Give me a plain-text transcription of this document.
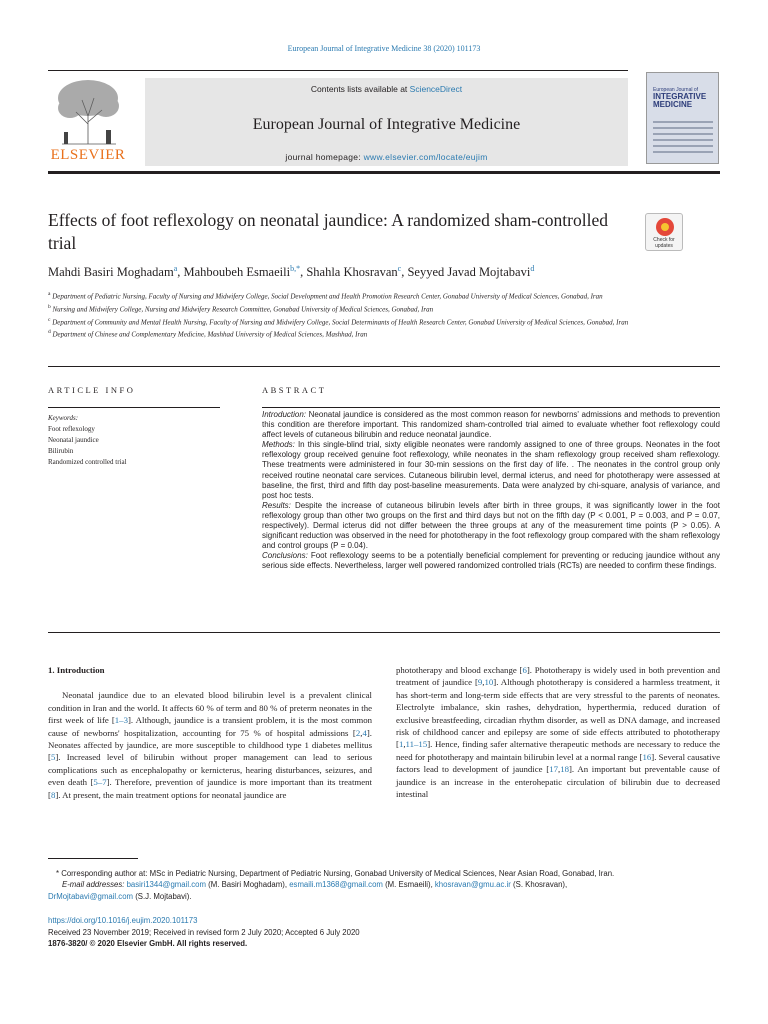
European Journal of Integrative Medicine 38 (2020) 101173
ELSEVIER
Contents lists available at ScienceDirect
European Journal of Integrative Medicine
journal homepage: www.elsevier.com/locate/eujim
European Journal of
INTEGRATIVE
MEDICINE
Effects of foot reflexology on neonatal jaundice: A randomized sham-controlled trial	Check for updates
Mahdi Basiri Moghadam$^a$, Mahboubeh Esmaeili$^{b,*}$, Shahla Khosravan$^c$, Seyyed Javad Mojtabavi$^d$
$^a$ Department of Pediatric Nursing, Faculty of Nursing and Midwifery College, Social Development and Health Promotion Research Center, Gonabad University of Medical Sciences, Gonabad, Iran
$^b$ Nursing and Midwifery College, Nursing and Midwifery Research Committee, Gonabad University of Medical Sciences, Gonabad, Iran
$^c$ Department of Community and Mental Health Nursing, Faculty of Nursing and Midwifery College, Social Determinants of Health Research Center, Gonabad University of Medical Sciences, Gonabad, Iran
$^d$ Department of Chinese and Complementary Medicine, Mashhad University of Medical Sciences, Mashhad, Iran
ARTICLE INFO	ABSTRACT
Keywords:
Foot reflexology
Neonatal jaundice
Bilirubin
Randomized controlled trial
Introduction: Neonatal jaundice is considered as the most common reason for newborns' admissions and methods to prevention this condition are therefore important. This randomized sham-controlled trial aimed to evaluate whether foot reflexology could affect levels of cutaneous bilirubin and reduce neonatal jaundice.
Methods: In this single-blind trial, sixty eligible neonates were randomly assigned to one of three groups. Neonates in the foot reflexology group received genuine foot reflexology, while neonates in the sham reflexology group received sham reflexology. These treatments were administered in four 30-min sessions on the first day of life. . The neonates in the control group only received routine neonatal care services. Cutaneous bilirubin level, dermal icterus, and need for phototherapy were assessed at baseline, the first, third and fifth day post-baseline measurements. Data were analyzed by chi-square, analysis of variance, and post hoc tests.
Results: Despite the increase of cutaneous bilirubin levels after birth in three groups, it was significantly lower in the foot reflexology group than other two groups on the first and third days but not on the fifth day (P < 0.001, P = 0.003, and P = 0.07, respectively). Dermal icterus did not differ between the three groups at any of the measurement time points (P > 0.05). A significant reduction was observed in the need for phototherapy in the foot reflexology group compared with the sham reflexology and control groups (P = 0.04).
Conclusions: Foot reflexology seems to be a potentially beneficial complement for preventing or reducing jaundice without any serious side effects. Nevertheless, larger well powered randomized controlled trials (RCTs) are needed to confirm these findings.
1. Introduction

Neonatal jaundice due to an elevated blood bilirubin level is a prevalent clinical condition in Iran and the world. It affects 60 % of term and 80 % of preterm neonates in the first week of life [1–3]. Although, jaundice is a transient problem, it is the most common cause of newborns' hospitalization, accounting for 75 % of hospital admissions [2,4]. Neonates affected by jaundice, are more susceptible to childhood type 1 diabetes mellitus [5]. Increased level of bilirubin without proper management can lead to serious complications such as encephalopathy or kernicterus, hearing disturbances, seizures, and even death [5–7]. Therefore, prevention of jaundice is more important than its treatment [8]. At present, the main treatment options for neonatal jaundice are

phototherapy and blood exchange [6]. Phototherapy is widely used in both prevention and treatment of jaundice [9,10]. Although phototherapy is considered a harmless treatment, it has short-term and long-term side effects that are very stressful to the parents of neonates. Electrolyte imbalance, skin rashes, dehydration, hyperthermia, reduced duration of exclusive breastfeeding, circadian rhythm disorder, as well as DNA damage, and increased risk of childhood cancer and epilepsy are some of side effects attributed to phototherapy [1,11–15]. Hence, finding safer alternative therapeutic methods are necessary to reduce the need for phototherapy and maintain bilirubin level at a normal range [16]. Several causative factors lead to development of jaundice [17,18]. An important but preventable cause of jaundice is an increase in the enterohepatic circulation of bilirubin due to decreased intestinal

* Corresponding author at: MSc in Pediatric Nursing, Department of Pediatric Nursing, Gonabad University of Medical Sciences, Near Asian Road, Gonabad, Iran.
E-mail addresses: basiri1344@gmail.com (M. Basiri Moghadam), esmaili.m1368@gmail.com (M. Esmaeili), khosravan@gmu.ac.ir (S. Khosravan),
DrMojtabavi@gmail.com (S.J. Mojtabavi).
https://doi.org/10.1016/j.eujim.2020.101173
Received 23 November 2019; Received in revised form 2 July 2020; Accepted 6 July 2020
1876-3820/ © 2020 Elsevier GmbH. All rights reserved.
